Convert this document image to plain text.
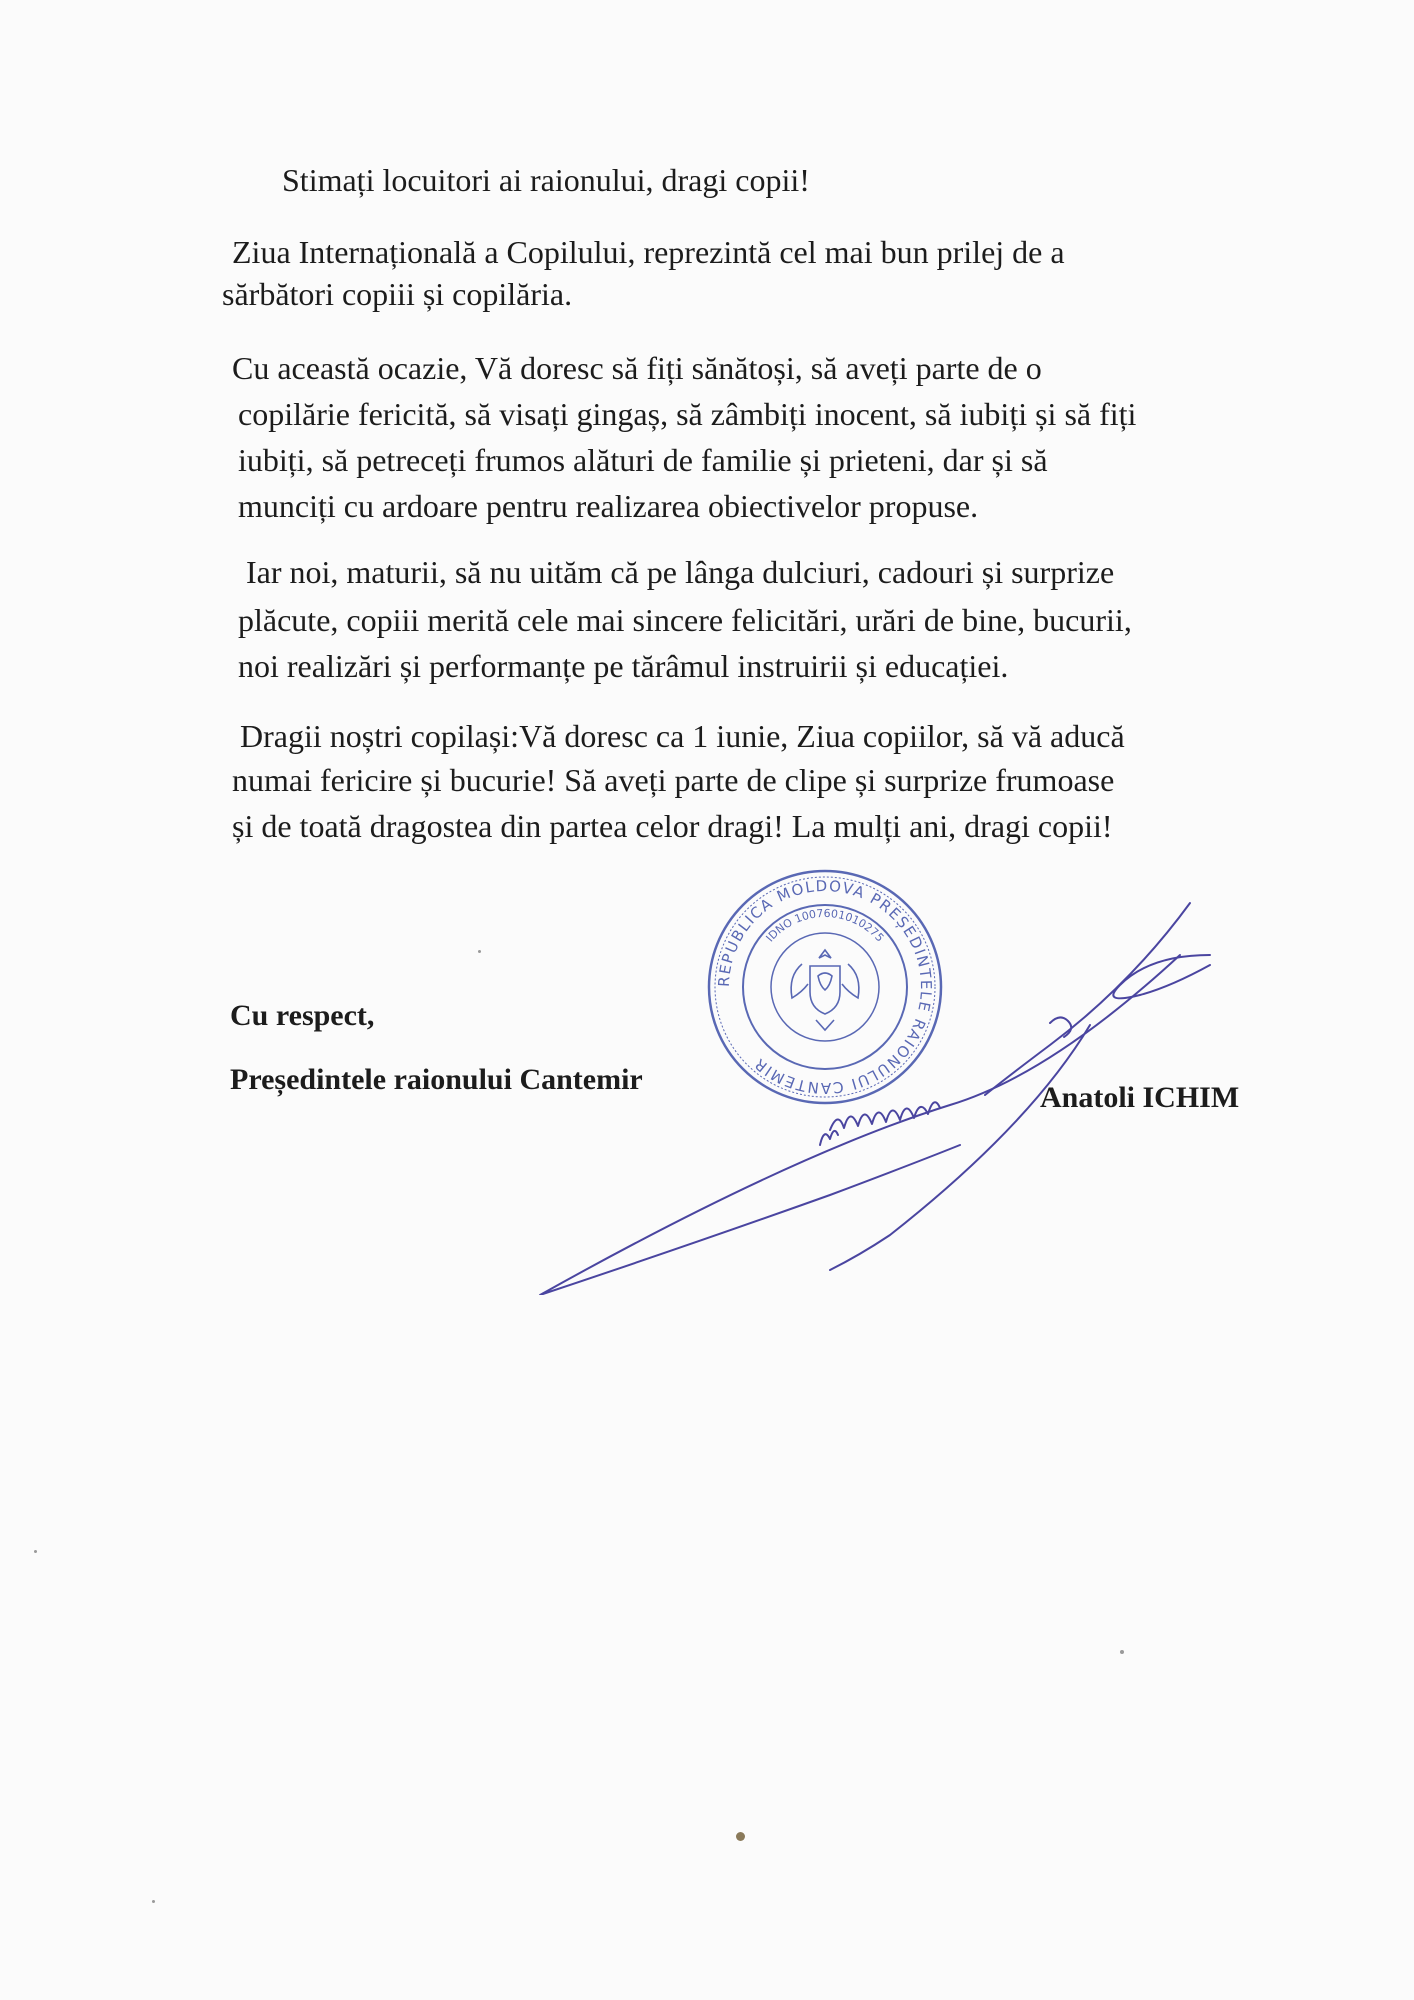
Stimați locuitori ai raionului, dragi copii!

Ziua Internațională a Copilului, reprezintă cel mai bun prilej de a

sărbători copiii și copilăria.

Cu această ocazie, Vă doresc să fiți sănătoși, să aveți parte de o

copilărie fericită, să visați gingaș, să zâmbiți inocent, să iubiți și să fiți

iubiți, să petreceți frumos alături de familie și prieteni, dar și să

munciți cu ardoare pentru realizarea obiectivelor propuse.

Iar noi, maturii, să nu uităm că pe lânga dulciuri, cadouri și surprize

plăcute, copiii merită cele mai sincere felicitări, urări de bine, bucurii,

noi realizări și performanțe pe tărâmul instruirii și educației.

Dragii noștri copilași:Vă doresc ca 1 iunie, Ziua copiilor, să vă aducă

numai fericire și bucurie! Să aveți parte de clipe și surprize frumoase

și de toată dragostea din partea celor dragi! La mulți ani, dragi copii!

REPUBLICA MOLDOVA PREȘEDINTELE RAIONULUI CANTEMIR
IDNO 1007601010275

Cu respect,

Președintele raionului Cantemir

Anatoli ICHIM
